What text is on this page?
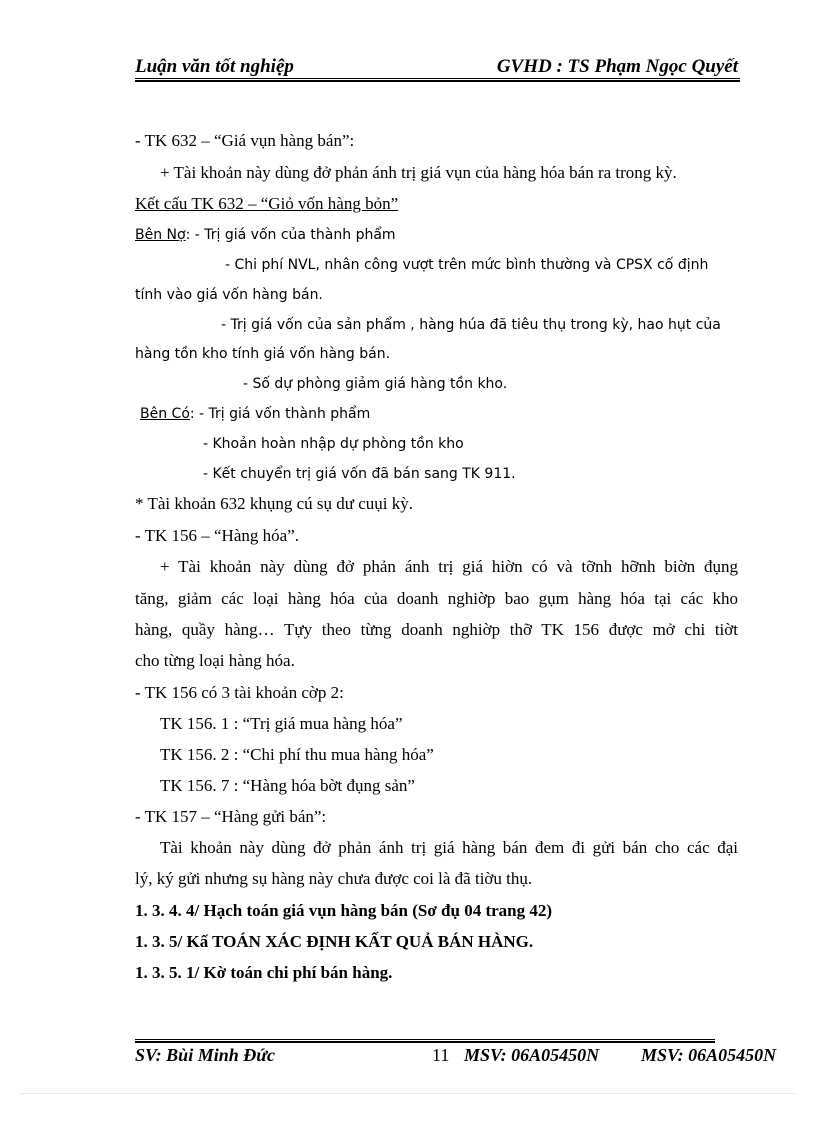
Luận văn tốt nghiệp	GVHD : TS Phạm Ngọc Quyết
- TK 632 – “Giá vụn hàng bán”:
+ Tài khoản này dùng đở phản ánh trị giá vụn của hàng hóa bán ra trong kỳ.
Kết cấu TK 632 – “Giỏ vốn hàng bỏn”
Bên Nợ: - Trị giá vốn của thành phẩm
- Chi phí NVL, nhân công vượt trên mức bình thường và CPSX cố định
tính vào giá vốn hàng bán.
- Trị giá vốn của sản phẩm , hàng húa đã tiêu thụ trong kỳ, hao hụt của
hàng tồn kho tính giá vốn hàng bán.
- Số dự phòng giảm giá hàng tồn kho.
Bên Có: - Trị giá vốn thành phẩm
- Khoản hoàn nhập dự phòng tồn kho
- Kết chuyển trị giá vốn đã bán sang TK 911.
* Tài khoản 632 khụng cú sụ dư cuụi kỳ.
- TK 156 – “Hàng hóa”.
+ Tài khoản này dùng đở phản ánh trị giá hiờn có và tỡnh hỡnh biờn đụng
tăng, giảm các loại hàng hóa của doanh nghiờp bao gụm hàng hóa tại các kho
hàng, quầy hàng… Tựy theo từng doanh nghiờp thỡ TK 156 được mở chi tiờt
cho từng loại hàng hóa.
- TK 156 có 3 tài khoản cờp 2:
TK 156. 1 : “Trị giá mua hàng hóa”
TK 156. 2 : “Chi phí thu mua hàng hóa”
TK 156. 7 : “Hàng hóa bờt đụng sản”
- TK 157 – “Hàng gửi bán”:
Tài khoản này dùng đở phản ánh trị giá hàng bán đem đi gửi bán cho các đại
lý, ký gửi nhưng sụ hàng này chưa được coi là đã tiờu thụ.
1. 3. 4. 4/ Hạch toán giá vụn hàng bán (Sơ đụ 04 trang 42)
1. 3. 5/ Kấ TOÁN XÁC ĐỊNH KẤT QUẢ BÁN HÀNG.
1. 3. 5. 1/ Kờ toán chi phí bán hàng.
SV: Bùi Minh Đức	11 MSV: 06A05450N MSV: 06A05450N
